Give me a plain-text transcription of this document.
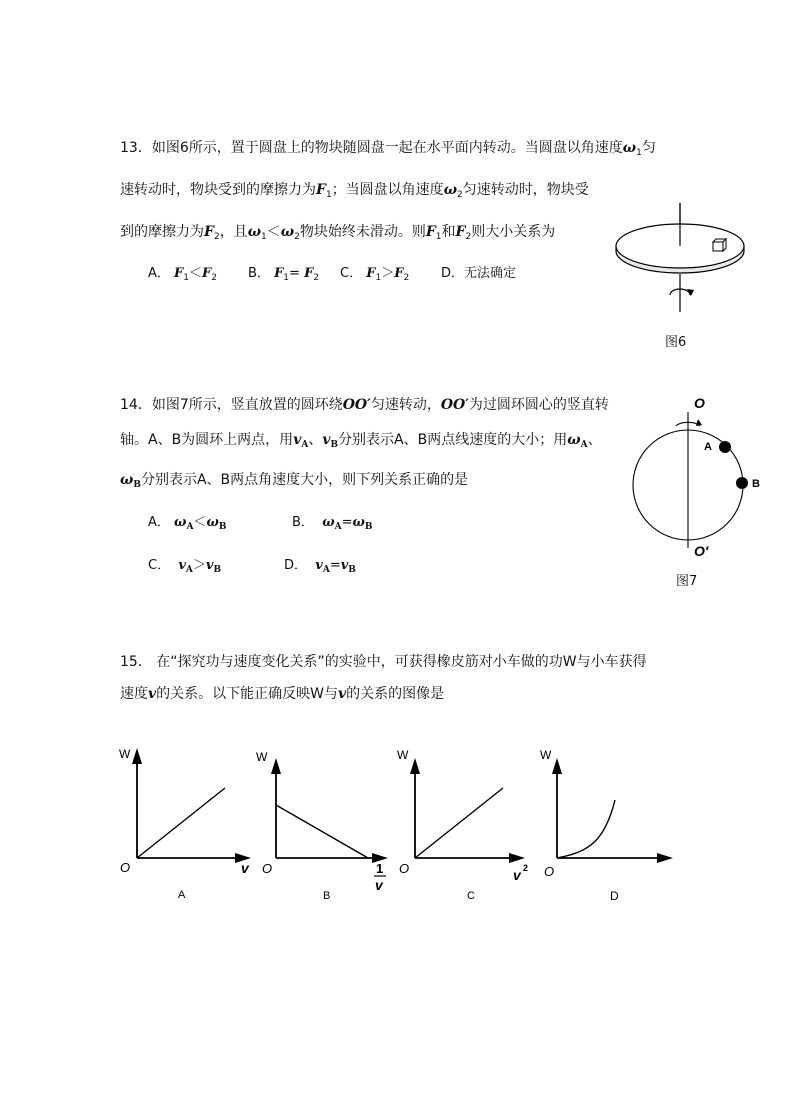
13．如图6所示，置于圆盘上的物块随圆盘一起在水平面内转动。当圆盘以角速度$\omega_1$匀
速转动时，物块受到的摩擦力为$F_1$；当圆盘以角速度$\omega_2$匀速转动时，物块受
到的摩擦力为$F_2$，且$\omega_1<\omega_2$物块始终未滑动。则$F_1$和$F_2$则大小关系为
A． $F_1<F_2$ B． $F_1= F_2$ C． $F_1>F_2$ D．无法确定
图6
14．如图7所示，竖直放置的圆环绕OO′匀速转动，OO′为过圆环圆心的竖直转
轴。A、B为圆环上两点，用$v_A$、$v_B$分别表示A、B两点线速度的大小；用$\omega_A$、
$\omega_B$分别表示A、B两点角速度大小，则下列关系正确的是
A． $\omega_A<\omega_B$	B． $\omega_A=\omega_B$
C． $v_A>v_B$	D． $v_A=v_B$
O
O′
A
B
图7
15． 在“探究功与速度变化关系”的实验中，可获得橡皮筋对小车做的功W与小车获得
速度v的关系。以下能正确反映W与v的关系的图像是
W
O	v
A
W
O	1
v
B
W
O	v 2
C
W
O
D
